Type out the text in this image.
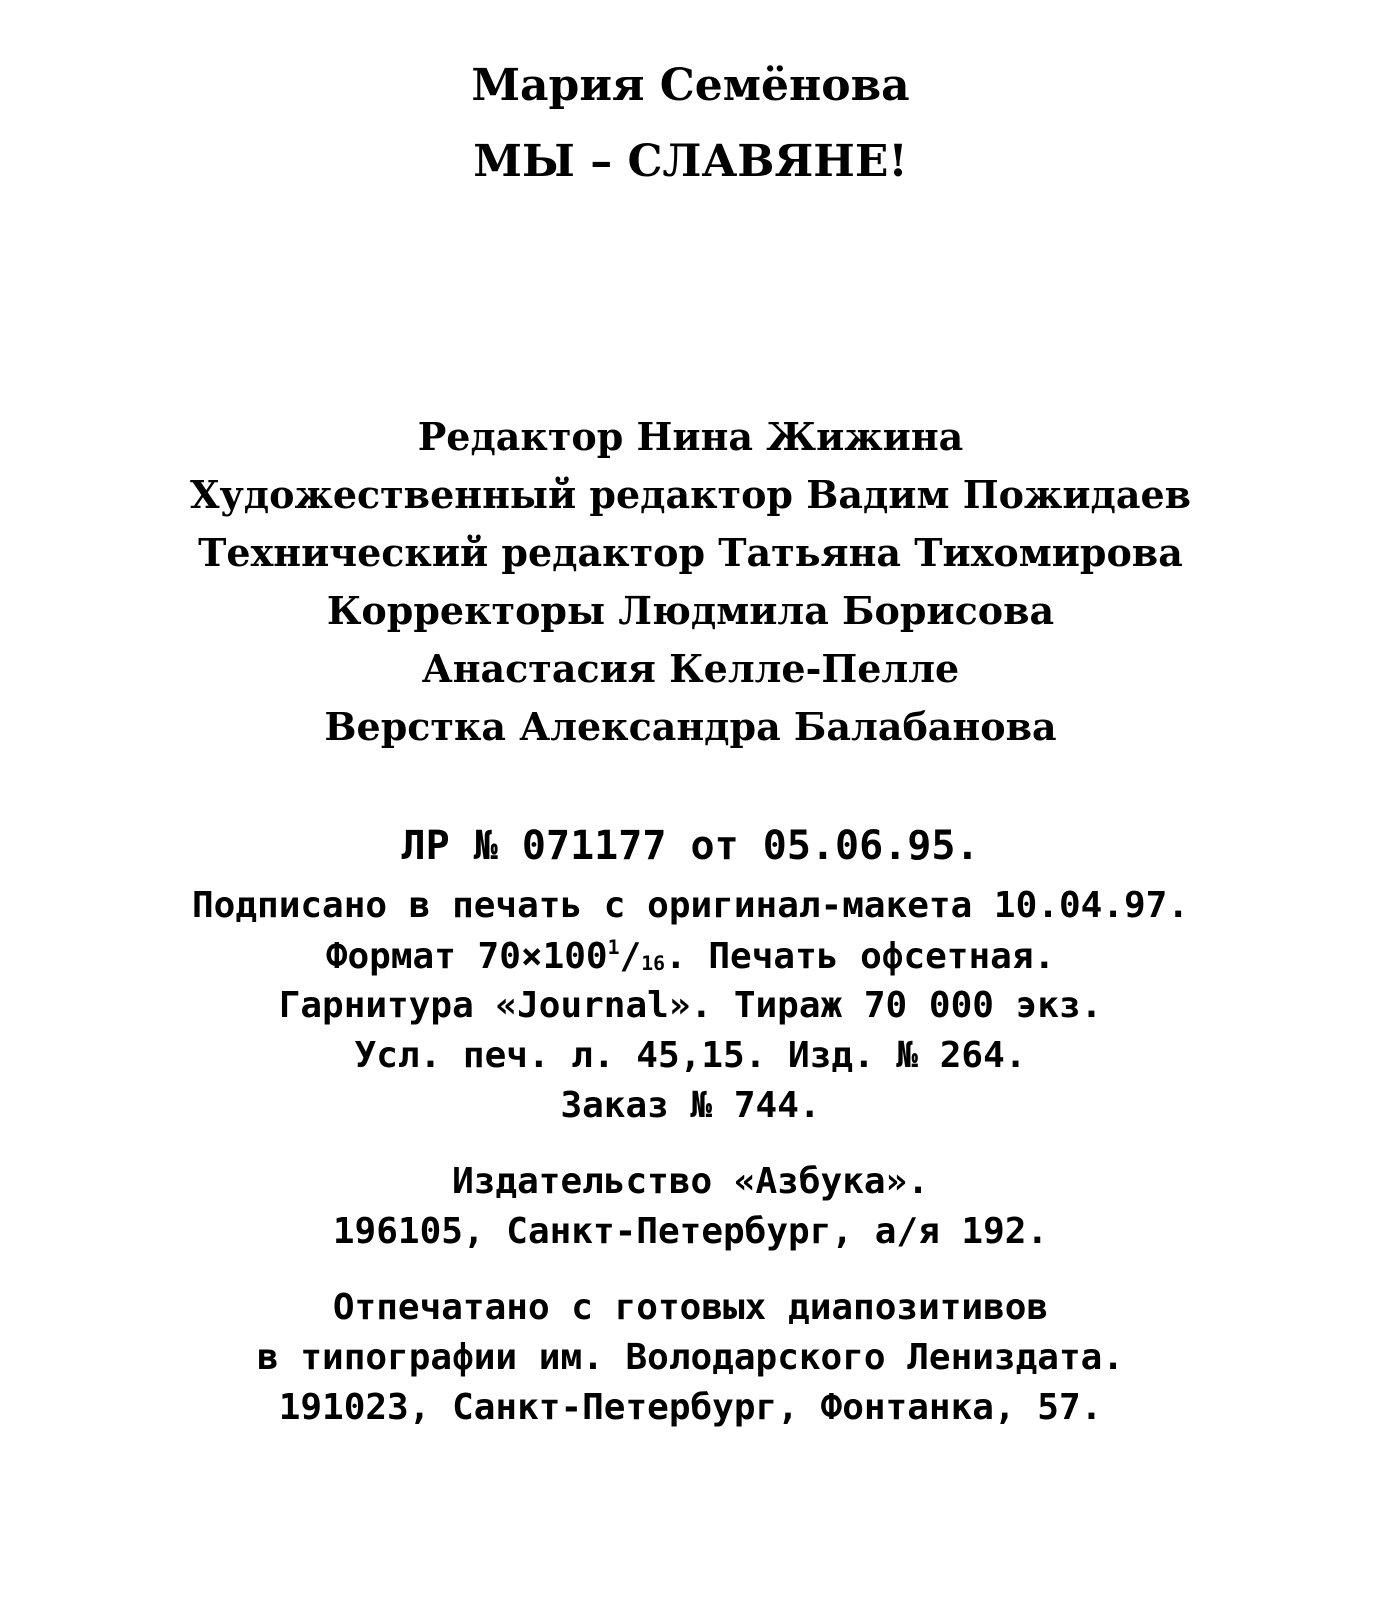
Мария Семёнова
МЫ – СЛАВЯНЕ!
Редактор Нина Жижина
Художественный редактор Вадим Пожидаев
Технический редактор Татьяна Тихомирова
Корректоры Людмила Борисова
Анастасия Келле-Пелле
Верстка Александра Балабанова
ЛР № 071177 от 05.06.95.
Подписано в печать с оригинал-макета 10.04.97.
Формат $70\times 100^1/16$. Печать офсетная.
Гарнитура «Journal». Тираж 70 000 экз.
Усл. печ. л. 45,15. Изд. № 264.
Заказ № 744.
Издательство «Азбука».
196105, Санкт-Петербург, а/я 192.
Отпечатано с готовых диапозитивов
в типографии им. Володарского Лениздата.
191023, Санкт-Петербург, Фонтанка, 57.
